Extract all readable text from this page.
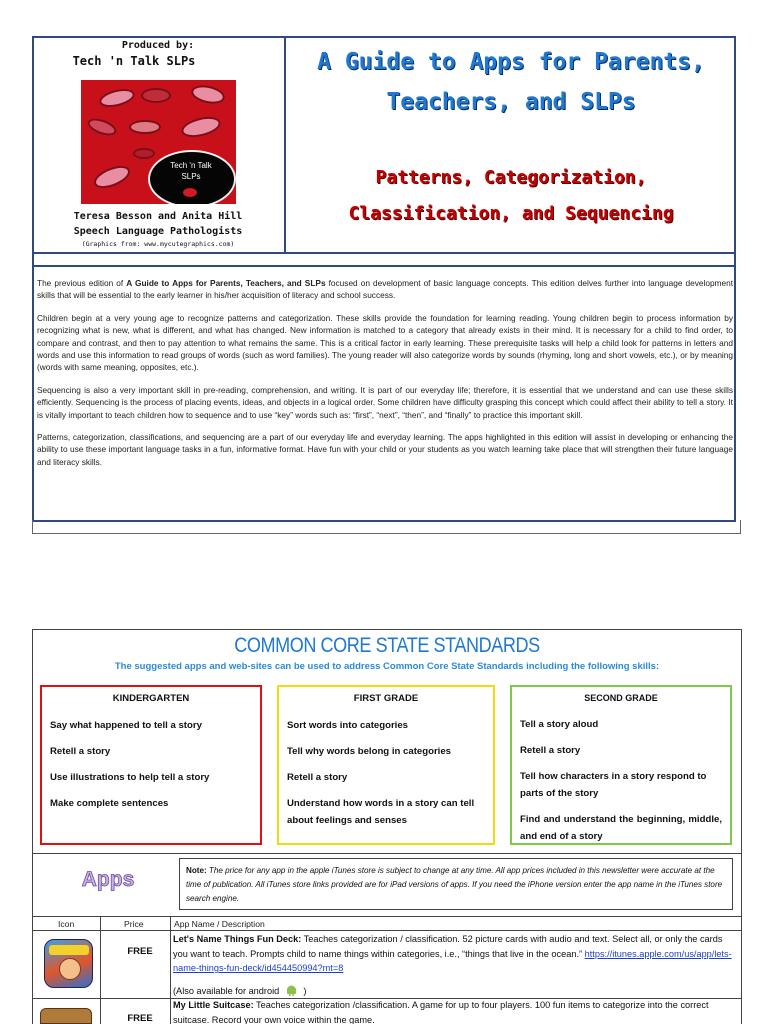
Produced by:
Tech 'n Talk SLPs
Tech 'n Talk
SLPs
Teresa Besson and Anita Hill
Speech Language Pathologists
(Graphics from: www.mycutegraphics.com)
A Guide to Apps for Parents,
Teachers, and SLPs
Patterns, Categorization,
Classification, and Sequencing

The previous edition of A Guide to Apps for Parents, Teachers, and SLPs focused on development of basic language concepts. This edition delves further into language development skills that will be essential to the early learner in his/her acquisition of literacy and school success.

Children begin at a very young age to recognize patterns and categorization. These skills provide the foundation for learning reading. Young children begin to process information by recognizing what is new, what is different, and what has changed. New information is matched to a category that already exists in their mind. It is necessary for a child to find order, to compare and contrast, and then to pay attention to what remains the same. This is a critical factor in early learning. These prerequisite tasks will help a child look for patterns in letters and words and use this information to read groups of words (such as word families). The young reader will also categorize words by sounds (rhyming, long and short vowels, etc.), or by meaning (words with same meaning, opposites, etc.).

Sequencing is also a very important skill in pre-reading, comprehension, and writing. It is part of our everyday life; therefore, it is essential that we understand and can use these skills efficiently. Sequencing is the process of placing events, ideas, and objects in a logical order. Some children have difficulty grasping this concept which could affect their ability to tell a story. It is vitally important to teach children how to sequence and to use “key” words such as: “first”, “next”, “then”, and “finally” to practice this important skill.

Patterns, categorization, classifications, and sequencing are a part of our everyday life and everyday learning. The apps highlighted in this edition will assist in developing or enhancing the ability to use these important language tasks in a fun, informative format. Have fun with your child or your students as you watch learning take place that will strengthen their future language and literacy skills.

COMMON CORE STATE STANDARDS
The suggested apps and web-sites can be used to address Common Core State Standards including the following skills:
KINDERGARTEN
Say what happened to tell a story
Retell a story
Use illustrations to help tell a story
Make complete sentences
FIRST GRADE
Sort words into categories
Tell why words belong in categories
Retell a story
Understand how words in a story can tell about feelings and senses
SECOND GRADE
Tell a story aloud
Retell a story
Tell how characters in a story respond to parts of the story
Find and understand the beginning, middle, and end of a story
Apps	Note: The price for any app in the apple iTunes store is subject to change at any time. All app prices included in this newsletter were accurate at the time of publication. All iTunes store links provided are for iPad versions of apps. If you need the iPhone version enter the app name in the iTunes store search engine.
Icon	Price	App Name / Description
FREE
Let's Name Things Fun Deck: Teaches categorization / classification. 52 picture cards with audio and text. Select all, or only the cards you want to teach. Prompts child to name things within categories, i.e., “things that live in the ocean.” https://itunes.apple.com/us/app/lets-name-things-fun-deck/id454450994?mt=8
(Also available for android  )
FREE
My Little Suitcase: Teaches categorization /classification. A game for up to four players. 100 fun items to categorize into the correct suitcase. Record your own voice within the game.
